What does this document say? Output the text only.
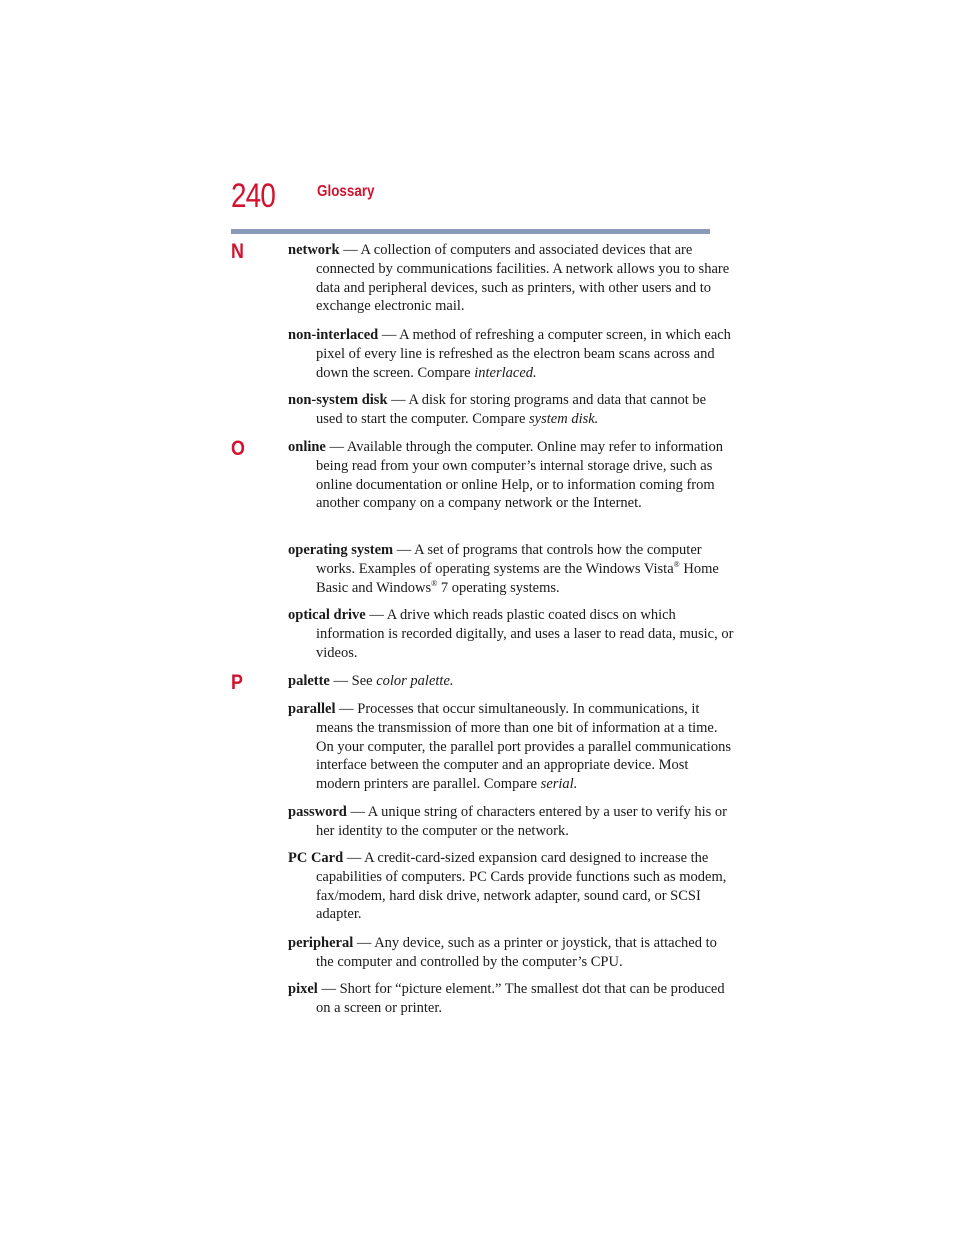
240	Glossary
N
O
P
network — A collection of computers and associated devices that are connected by communications facilities. A network allows you to share data and peripheral devices, such as printers, with other users and to exchange electronic mail.
non-interlaced — A method of refreshing a computer screen, in which each pixel of every line is refreshed as the electron beam scans across and down the screen. Compare interlaced.
non-system disk — A disk for storing programs and data that cannot be used to start the computer. Compare system disk.
online — Available through the computer. Online may refer to information being read from your own computer’s internal storage drive, such as online documentation or online Help, or to information coming from another company on a company network or the Internet.
operating system — A set of programs that controls how the computer works. Examples of operating systems are the Windows Vista® Home Basic and Windows® 7 operating systems.
optical drive — A drive which reads plastic coated discs on which information is recorded digitally, and uses a laser to read data, music, or videos.
palette — See color palette.
parallel — Processes that occur simultaneously. In communications, it means the transmission of more than one bit of information at a time. On your computer, the parallel port provides a parallel communications interface between the computer and an appropriate device. Most modern printers are parallel. Compare serial.
password — A unique string of characters entered by a user to verify his or her identity to the computer or the network.
PC Card — A credit-card-sized expansion card designed to increase the capabilities of computers. PC Cards provide functions such as modem, fax/modem, hard disk drive, network adapter, sound card, or SCSI adapter.
peripheral — Any device, such as a printer or joystick, that is attached to the computer and controlled by the computer’s CPU.
pixel — Short for “picture element.” The smallest dot that can be produced on a screen or printer.
